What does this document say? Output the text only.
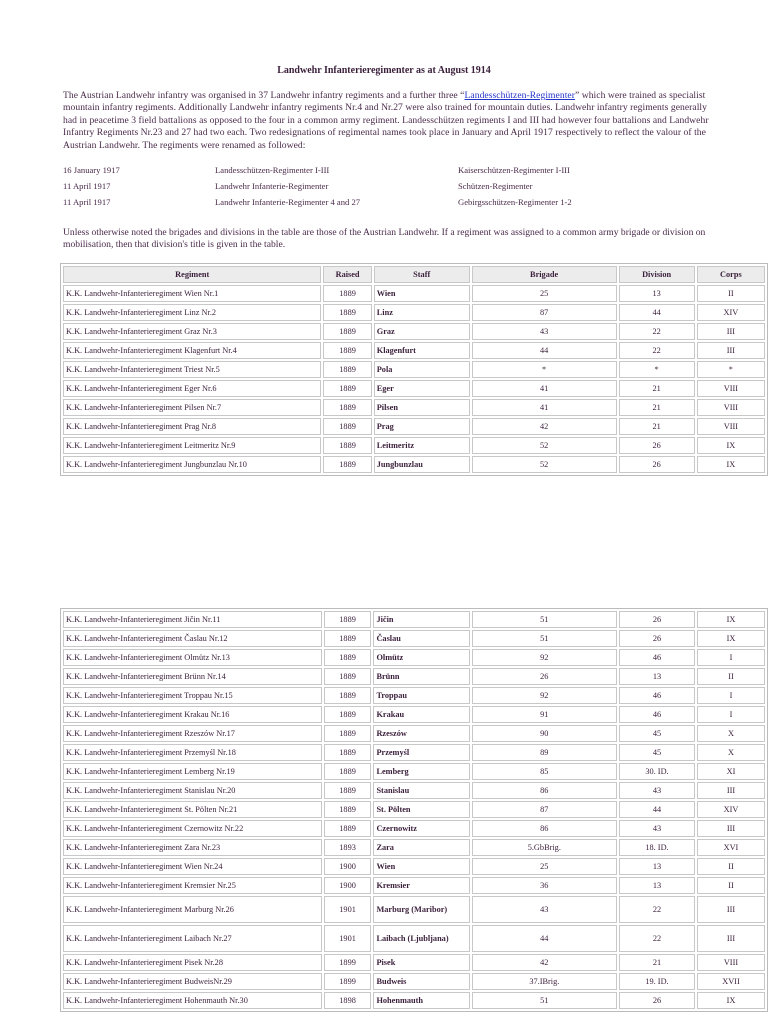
Landwehr Infanterieregimenter as at August 1914
The Austrian Landwehr infantry was organised in 37 Landwehr infantry regiments and a further three “Landesschützen-Regimenter” which were trained as specialist mountain infantry regiments. Additionally Landwehr infantry regiments Nr.4 and Nr.27 were also trained for mountain duties. Landwehr infantry regiments generally had in peacetime 3 field battalions as opposed to the four in a common army regiment. Landesschützen regiments I and III had however four battalions and Landwehr Infantry Regiments Nr.23 and 27 had two each. Two redesignations of regimental names took place in January and April 1917 respectively to reflect the valour of the Austrian Landwehr. The regiments were renamed as followed:
16 January 1917	Landesschützen-Regimenter I-III	Kaiserschützen-Regimenter I-III
11 April 1917	Landwehr Infanterie-Regimenter	Schützen-Regimenter
11 April 1917	Landwehr Infanterie-Regimenter 4 and 27	Gebirgsschützen-Regimenter 1-2
Unless otherwise noted the brigades and divisions in the table are those of the Austrian Landwehr. If a regiment was assigned to a common army brigade or division on mobilisation, then that division's title is given in the table.
Regiment	Raised	Staff	Brigade	Division	Corps
K.K. Landwehr-Infanterieregiment Wien Nr.1	1889	Wien	25	13	II
K.K. Landwehr-Infanterieregiment Linz Nr.2	1889	Linz	87	44	XIV
K.K. Landwehr-Infanterieregiment Graz Nr.3	1889	Graz	43	22	III
K.K. Landwehr-Infanterieregiment Klagenfurt Nr.4	1889	Klagenfurt	44	22	III
K.K. Landwehr-Infanterieregiment Triest Nr.5	1889	Pola	*	*	*
K.K. Landwehr-Infanterieregiment Eger Nr.6	1889	Eger	41	21	VIII
K.K. Landwehr-Infanterieregiment Pilsen Nr.7	1889	Pilsen	41	21	VIII
K.K. Landwehr-Infanterieregiment Prag Nr.8	1889	Prag	42	21	VIII
K.K. Landwehr-Infanterieregiment Leitmeritz Nr.9	1889	Leitmeritz	52	26	IX
K.K. Landwehr-Infanterieregiment Jungbunzlau Nr.10	1889	Jungbunzlau	52	26	IX
K.K. Landwehr-Infanterieregiment Jičin Nr.11	1889	Jičin	51	26	IX
K.K. Landwehr-Infanterieregiment Časlau Nr.12	1889	Časlau	51	26	IX
K.K. Landwehr-Infanterieregiment Olmütz Nr.13	1889	Olmütz	92	46	I
K.K. Landwehr-Infanterieregiment Brünn Nr.14	1889	Brünn	26	13	II
K.K. Landwehr-Infanterieregiment Troppau Nr.15	1889	Troppau	92	46	I
K.K. Landwehr-Infanterieregiment Krakau Nr.16	1889	Krakau	91	46	I
K.K. Landwehr-Infanterieregiment Rzeszów Nr.17	1889	Rzeszów	90	45	X
K.K. Landwehr-Infanterieregiment Przemyśl Nr.18	1889	Przemyśl	89	45	X
K.K. Landwehr-Infanterieregiment Lemberg Nr.19	1889	Lemberg	85	30. ID.	XI
K.K. Landwehr-Infanterieregiment Stanislau Nr.20	1889	Stanislau	86	43	III
K.K. Landwehr-Infanterieregiment St. Pölten Nr.21	1889	St. Pölten	87	44	XIV
K.K. Landwehr-Infanterieregiment Czernowitz Nr.22	1889	Czernowitz	86	43	III
K.K. Landwehr-Infanterieregiment Zara Nr.23	1893	Zara	5.GbBrig.	18. ID.	XVI
K.K. Landwehr-Infanterieregiment Wien Nr.24	1900	Wien	25	13	II
K.K. Landwehr-Infanterieregiment Kremsier Nr.25	1900	Kremsier	36	13	II
K.K. Landwehr-Infanterieregiment Marburg Nr.26	1901	Marburg (Maribor)	43	22	III
K.K. Landwehr-Infanterieregiment Laibach Nr.27	1901	Laibach (Ljubljana)	44	22	III
K.K. Landwehr-Infanterieregiment Pisek Nr.28	1899	Pisek	42	21	VIII
K.K. Landwehr-Infanterieregiment BudweisNr.29	1899	Budweis	37.IBrig.	19. ID.	XVII
K.K. Landwehr-Infanterieregiment Hohenmauth Nr.30	1898	Hohenmauth	51	26	IX
